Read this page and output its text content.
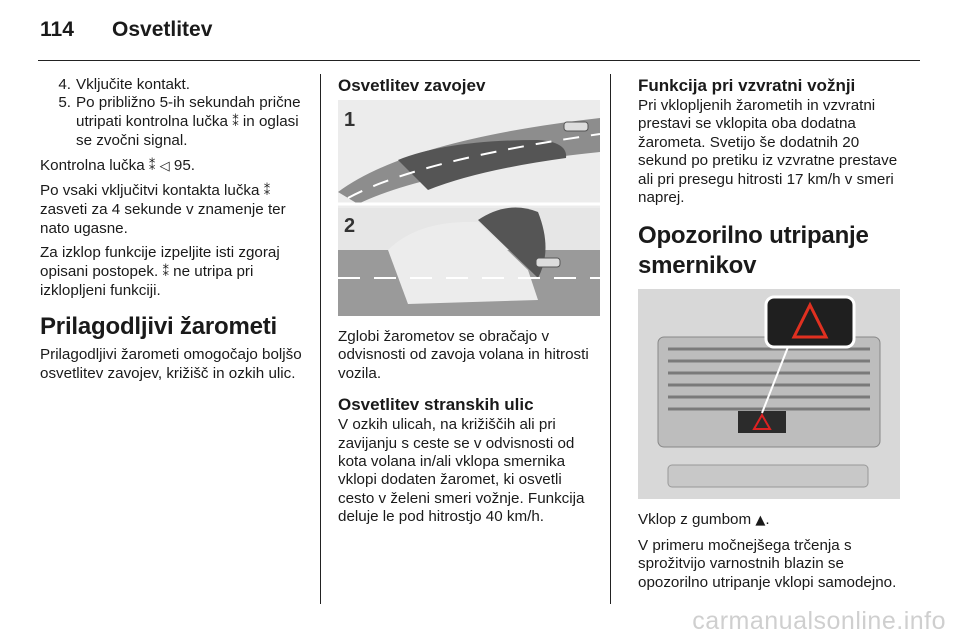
114 Osvetlitev
4. Vključite kontakt.
5. Po približno 5-ih sekundah prične utripati kontrolna lučka ⁑ in oglasi se zvočni signal.

Kontrolna lučka ⁑ ◁ 95.

Po vsaki vključitvi kontakta lučka ⁑ zasveti za 4 sekunde v znamenje ter nato ugasne.

Za izklop funkcije izpeljite isti zgoraj opisani postopek. ⁑ ne utripa pri izklopljeni funkciji.

Prilagodljivi žarometi

Prilagodljivi žarometi omogočajo boljšo osvetlitev zavojev, križišč in ozkih ulic.

Osvetlitev zavojev
1
2

Zglobi žarometov se obračajo v odvisnosti od zavoja volana in hitrosti vozila.

Osvetlitev stranskih ulic

V ozkih ulicah, na križiščih ali pri zavijanju s ceste se v odvisnosti od kota volana in/ali vklopa smernika vklopi dodaten žaromet, ki osvetli cesto v želeni smeri vožnje. Funkcija deluje le pod hitrostjo 40 km/h.

Funkcija pri vzvratni vožnji

Pri vklopljenih žarometih in vzvratni prestavi se vklopita oba dodatna žarometa. Svetijo še dodatnih 20 sekund po pretiku iz vzvratne prestave ali pri presegu hitrosti 17 km/h v smeri naprej.

Opozorilno utripanje smernikov

Vklop z gumbom ▲.

V primeru močnejšega trčenja s sprožitvijo varnostnih blazin se opozorilno utripanje vklopi samodejno.

carmanualsonline.info
